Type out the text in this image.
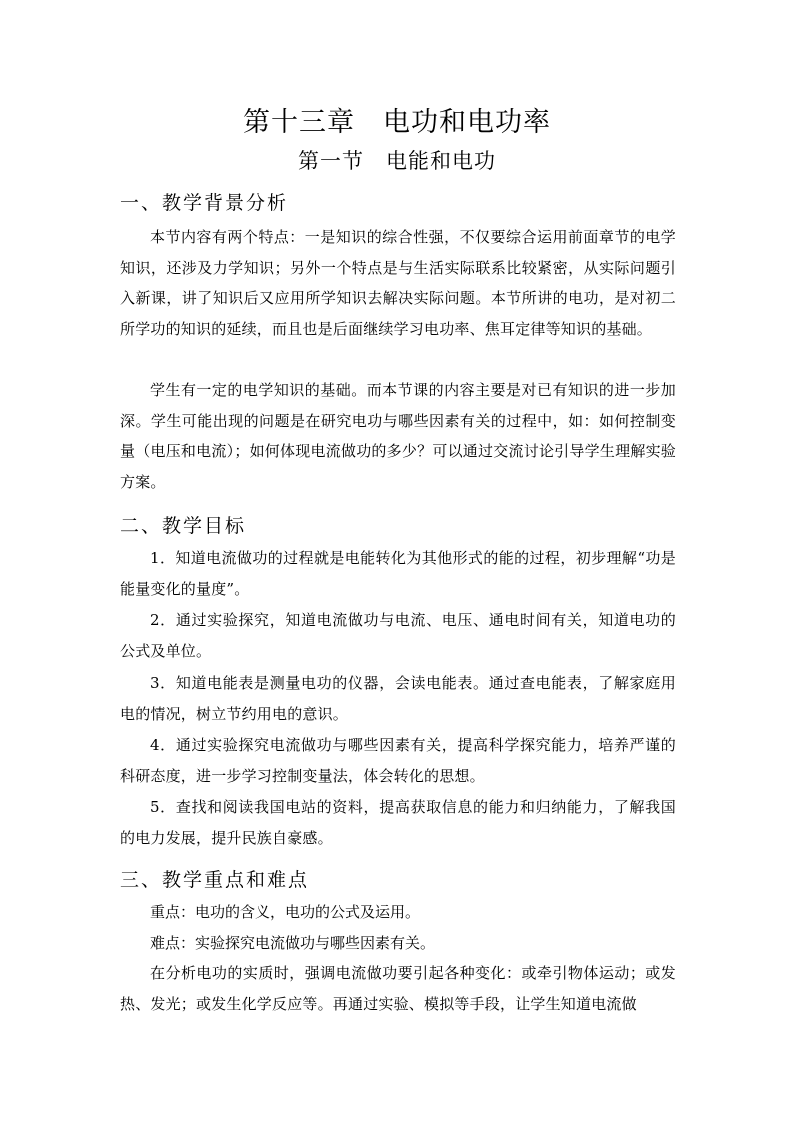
第十三章　电功和电功率
第一节　电能和电功
一、教学背景分析
本节内容有两个特点：一是知识的综合性强，不仅要综合运用前面章节的电学知识，还涉及力学知识；另外一个特点是与生活实际联系比较紧密，从实际问题引入新课，讲了知识后又应用所学知识去解决实际问题。本节所讲的电功，是对初二所学功的知识的延续，而且也是后面继续学习电功率、焦耳定律等知识的基础。
学生有一定的电学知识的基础。而本节课的内容主要是对已有知识的进一步加深。学生可能出现的问题是在研究电功与哪些因素有关的过程中，如：如何控制变量（电压和电流）；如何体现电流做功的多少？可以通过交流讨论引导学生理解实验方案。
二、教学目标
1．知道电流做功的过程就是电能转化为其他形式的能的过程，初步理解“功是能量变化的量度”。
2．通过实验探究，知道电流做功与电流、电压、通电时间有关，知道电功的公式及单位。
3．知道电能表是测量电功的仪器，会读电能表。通过查电能表，了解家庭用电的情况，树立节约用电的意识。
4．通过实验探究电流做功与哪些因素有关，提高科学探究能力，培养严谨的科研态度，进一步学习控制变量法，体会转化的思想。
5．查找和阅读我国电站的资料，提高获取信息的能力和归纳能力，了解我国的电力发展，提升民族自豪感。
三、教学重点和难点
重点：电功的含义，电功的公式及运用。
难点：实验探究电流做功与哪些因素有关。
在分析电功的实质时，强调电流做功要引起各种变化：或牵引物体运动；或发热、发光；或发生化学反应等。再通过实验、模拟等手段，让学生知道电流做
